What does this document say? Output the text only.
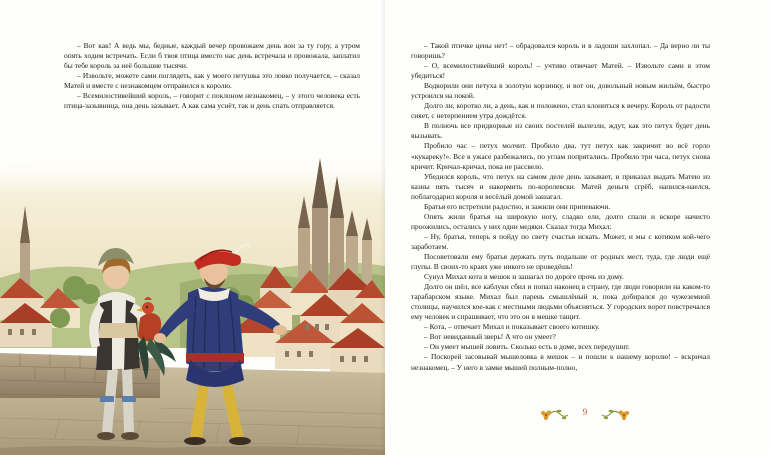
– Вот как! А ведь мы, бедные, каждый вечер провожаем день вон за ту гору, а утром опять ходим встречать. Если б твоя птица вместо нас день встречала и провожала, заплатил бы тебе король за неё большие тысячи.

– Извольте, можете сами поглядеть, как у моего петушка это ловко получается, – сказал Матей и вместе с незнакомцем отправился к королю.

– Всемилостивейший король, – говорит с поклоном незнакомец, – у этого человека есть птица-зазывница, она день зазывает. А как сама уснёт, так и день спать отправляется.

– Такой птичке цены нет! – обрадовался король и в ладоши захлопал. – Да верно ли ты говоришь?

– О, всемилостивейший король! – учтиво отвечает Матей. – Извольте сами в этом убедиться!

Водворили они петуха в золотую корзинку, и вот он, довольный новым жильём, быстро устроился на покой.

Долго ли, коротко ли, а день, как и положено, стал клониться к вечеру. Король от радости сияет, с нетерпением утра дождётся.

В полночь все придворные из своих постелей вылезли, ждут, как это петух будет день вызывать.

Пробило час – петух молчит. Пробило два, тут петух как закричит во всё горло «кукареку!». Все в ужасе разбежались, по углам попрятались. Пробило три часа, петух снова кричит. Кричал-кричал, пока не рассвело.

Убедился король, что петух на самом деле день зазывает, и приказал выдать Матею из казны пять тысяч и накормить по-королевски. Матей деньги сгрёб, напился-наелся, поблагодарил короля и весёлый домой зашагал.

Братья его встретили радостно, и зажили они припеваючи.

Опять жили братья на широкую ногу, сладко ели, долго спали и вскоре начисто проожились, остались у них одни медяки. Сказал тогда Михал:

– Ну, братья, теперь я пойду по свету счастья искать. Может, и мы с котиком кой-чего заработаем.

Посоветовали ему братья держать путь подальше от родных мест, туда, где люди ещё глупы. В своих-то краях уже никого не проведёшь!

Сунул Михал кота в мешок и зашагал по дороге прочь из дому.

Долго он шёл, все каблуки сбил и попал наконец в страну, где люди говорили на каком-то тарабарском языке. Михал был парень смышлёный и, пока добирался до чужеземной столицы, научился кое-как с местными людьми объясняться. У городских ворот повстречался ему человек и спрашивает, что это он в мешке тащит.

– Кота, – отвечает Михал и показывает своего котишку.

– Вот невиданный зверь! А что он умеет?

– Он умеет мышей ловить. Сколько есть в доме, всех передушит.

– Поскорей засовывай мышеловка в мешок – и пошли к нашему королю! – вскричал незнакомец. – У него в замке мышей полным-полно,

9
